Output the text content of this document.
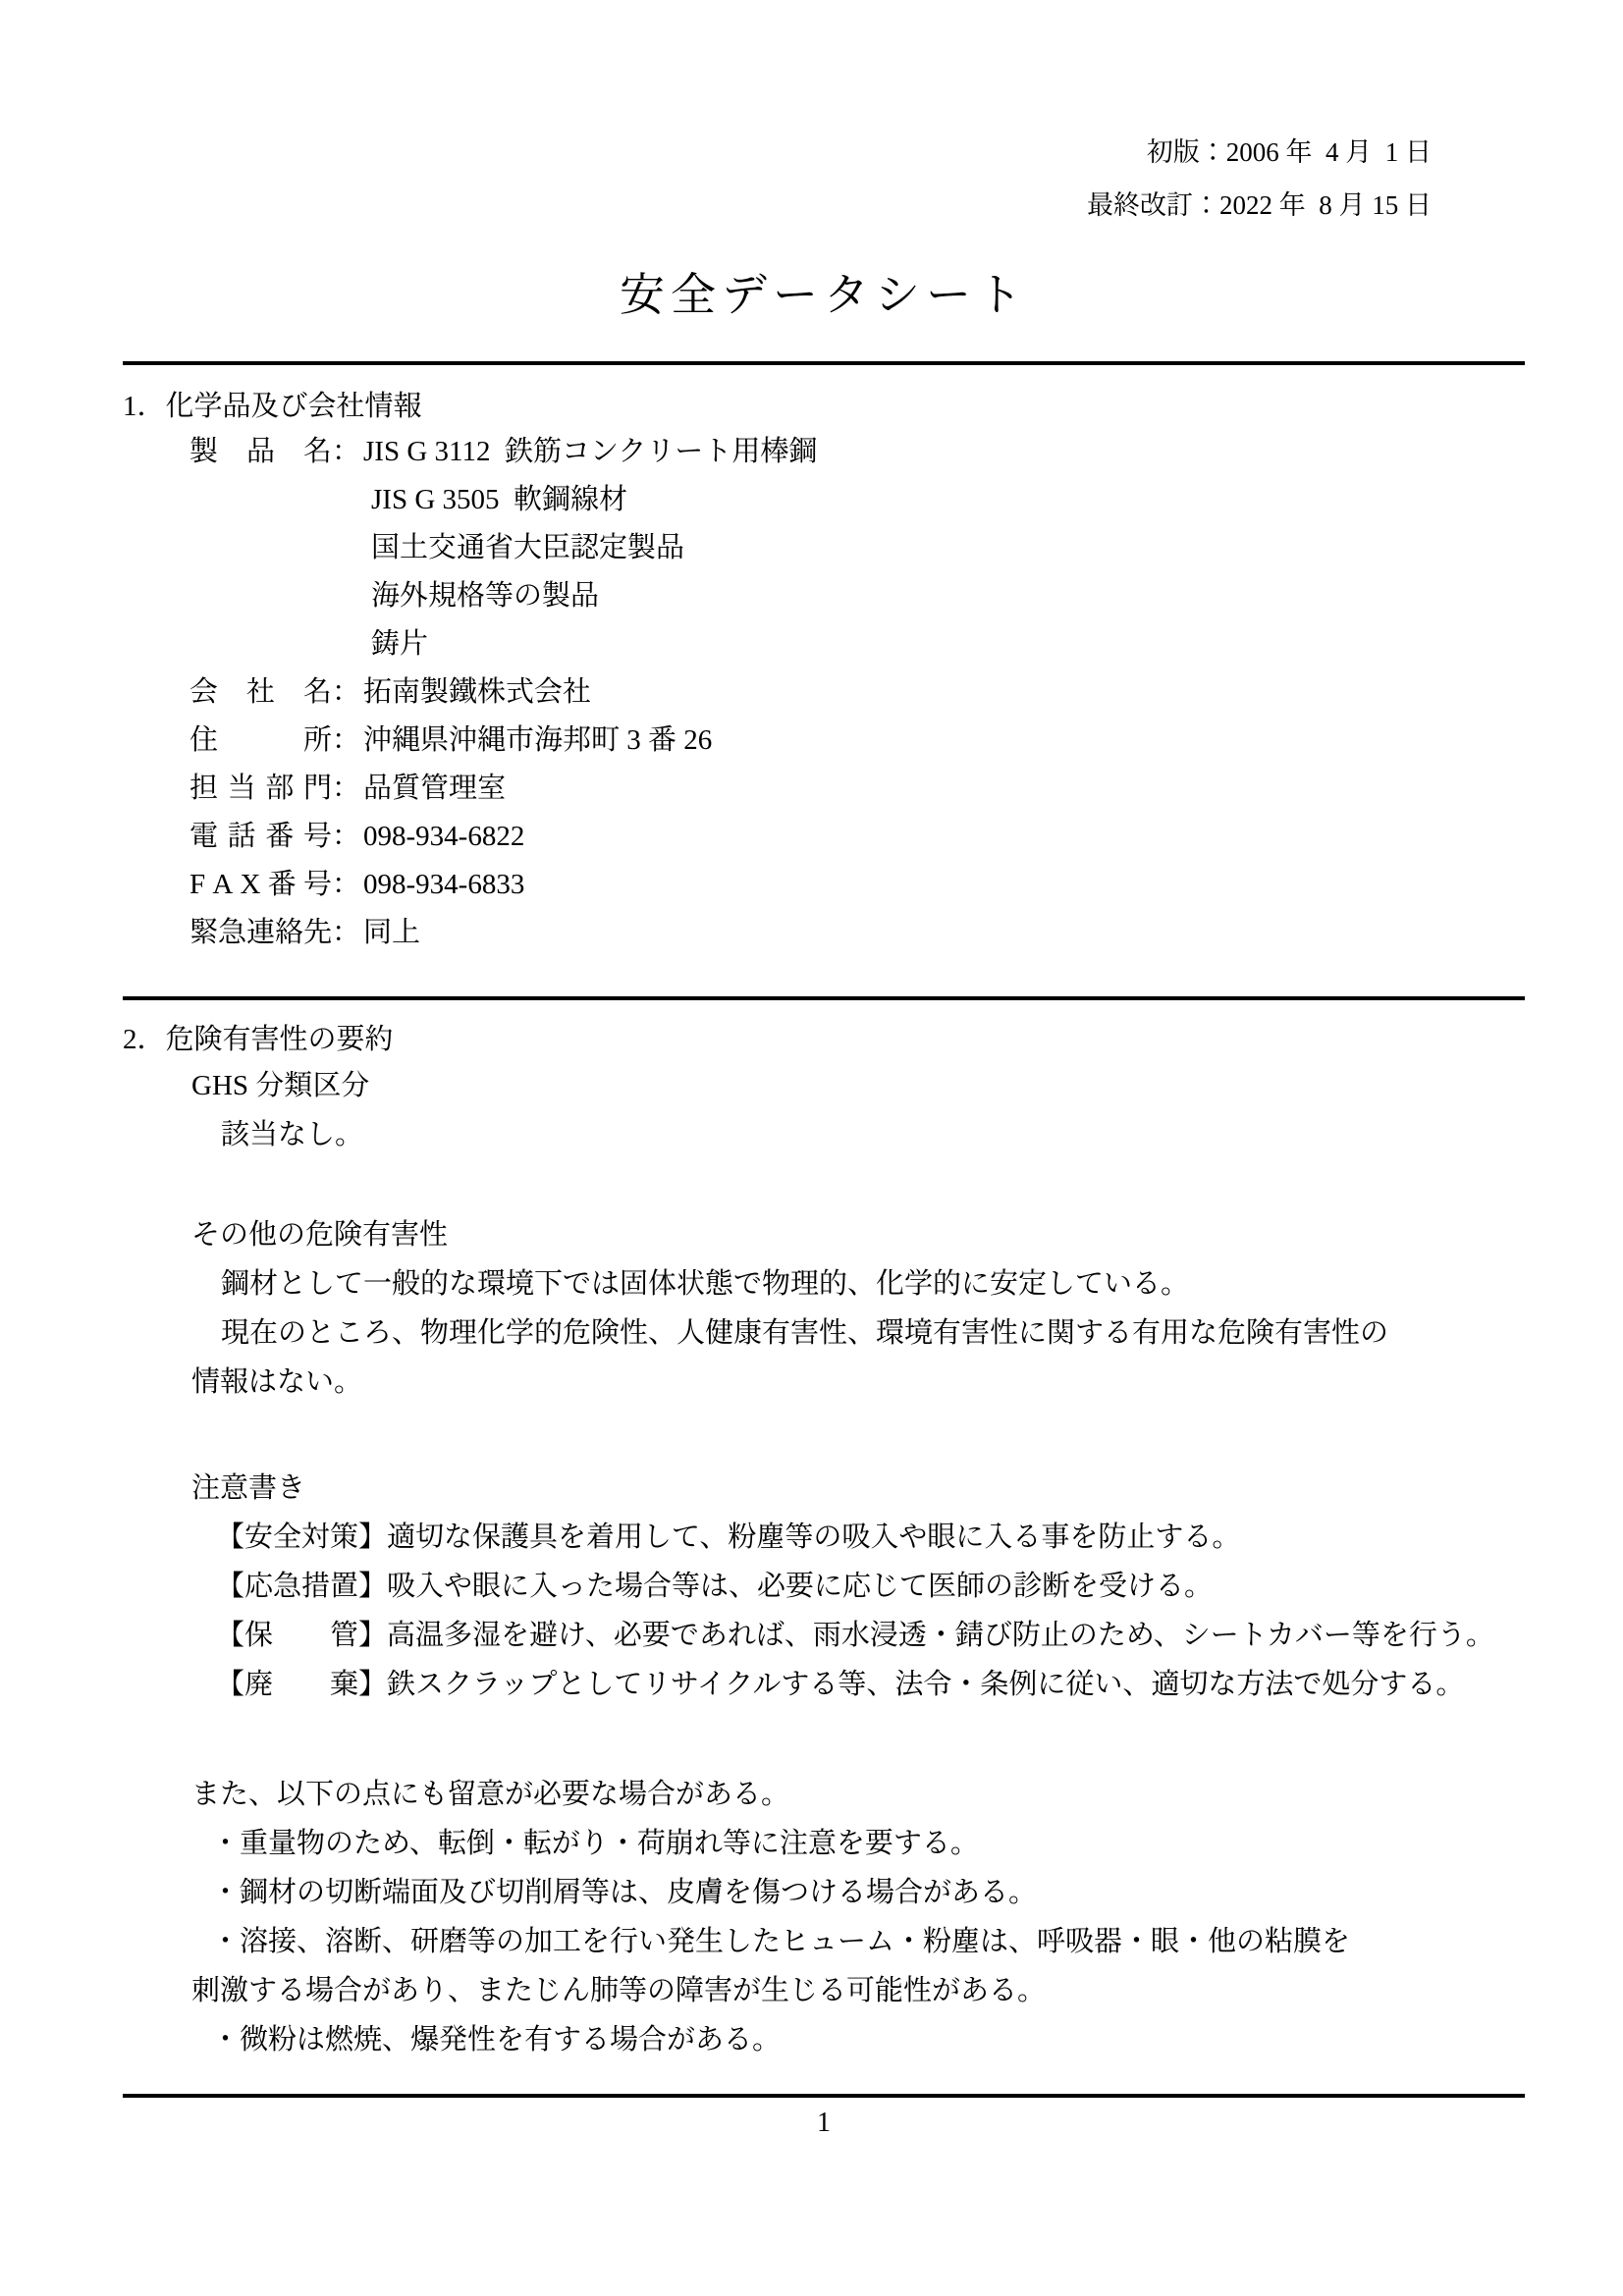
初版：2006 年  4 月  1 日
最終改訂：2022 年  8 月 15 日
安全データシート
1．化学品及び会社情報
製 品 名 ： JIS G 3112  鉄筋コンクリート用棒鋼
JIS G 3505  軟鋼線材
国土交通省大臣認定製品
海外規格等の製品
鋳片
会 社 名 ： 拓南製鐵株式会社
住	所 ： 沖縄県沖縄市海邦町 3 番 26
担 当 部 門 ： 品質管理室
電 話 番 号 ： 098-934-6822
F A X 番 号 ： 098-934-6833
緊 急 連 絡 先 ： 同上
2．危険有害性の要約
GHS 分類区分
該当なし。
その他の危険有害性
鋼材として一般的な環境下では固体状態で物理的、化学的に安定している。
現在のところ、物理化学的危険性、人健康有害性、環境有害性に関する有用な危険有害性の
情報はない。
注意書き
【安全対策】適切な保護具を着用して、粉塵等の吸入や眼に入る事を防止する。
【応急措置】吸入や眼に入った場合等は、必要に応じて医師の診断を受ける。
【保　　管】高温多湿を避け、必要であれば、雨水浸透・錆び防止のため、シートカバー等を行う。
【廃　　棄】鉄スクラップとしてリサイクルする等、法令・条例に従い、適切な方法で処分する。
また、以下の点にも留意が必要な場合がある。
・重量物のため、転倒・転がり・荷崩れ等に注意を要する。
・鋼材の切断端面及び切削屑等は、皮膚を傷つける場合がある。
・溶接、溶断、研磨等の加工を行い発生したヒューム・粉塵は、呼吸器・眼・他の粘膜を
刺激する場合があり、またじん肺等の障害が生じる可能性がある。
・微粉は燃焼、爆発性を有する場合がある。
1
